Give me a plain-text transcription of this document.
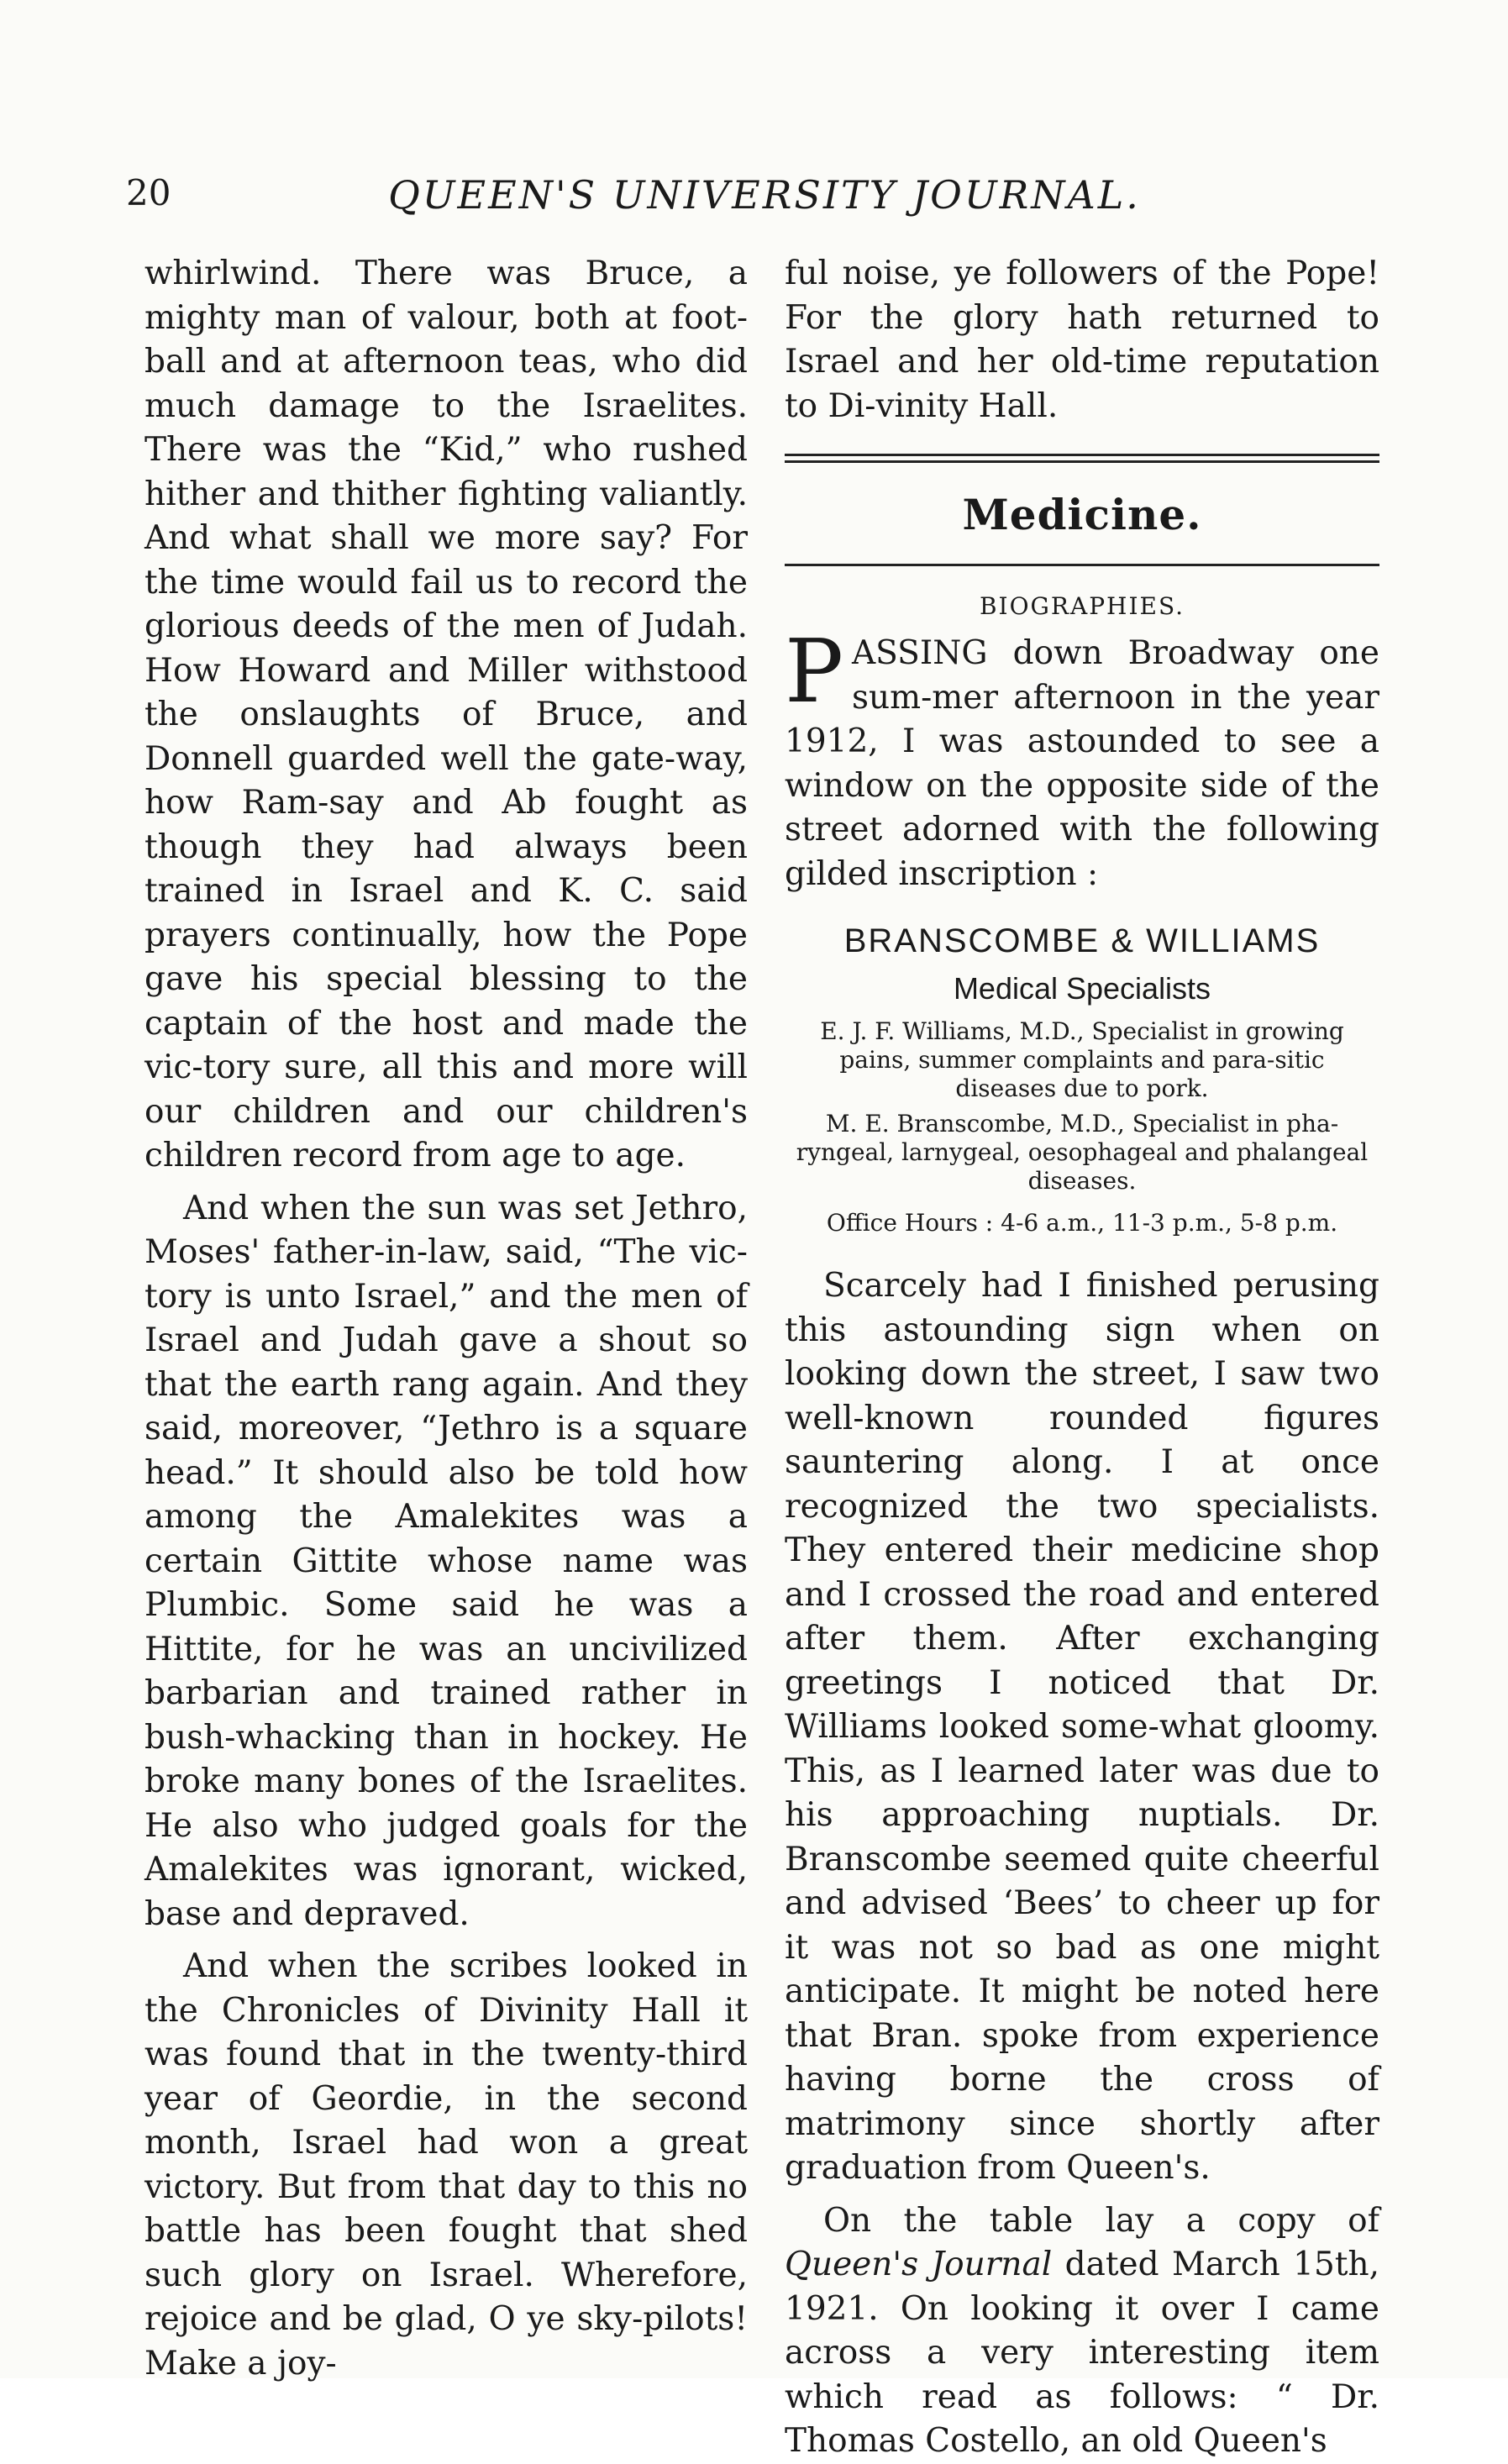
20	QUEEN'S UNIVERSITY JOURNAL.

whirlwind. There was Bruce, a mighty man of valour, both at foot-ball and at afternoon teas, who did much damage to the Israelites. There was the “Kid,” who rushed hither and thither fighting valiantly. And what shall we more say? For the time would fail us to record the glorious deeds of the men of Judah. How Howard and Miller withstood the onslaughts of Bruce, and Donnell guarded well the gate-way, how Ram-say and Ab fought as though they had always been trained in Israel and K. C. said prayers continually, how the Pope gave his special blessing to the captain of the host and made the vic-tory sure, all this and more will our children and our children's children record from age to age.

And when the sun was set Jethro, Moses' father-in-law, said, “The vic-tory is unto Israel,” and the men of Israel and Judah gave a shout so that the earth rang again. And they said, moreover, “Jethro is a square head.” It should also be told how among the Amalekites was a certain Gittite whose name was Plumbic. Some said he was a Hittite, for he was an uncivilized barbarian and trained rather in bush-whacking than in hockey. He broke many bones of the Israelites. He also who judged goals for the Amalekites was ignorant, wicked, base and depraved.

And when the scribes looked in the Chronicles of Divinity Hall it was found that in the twenty-third year of Geordie, in the second month, Israel had won a great victory. But from that day to this no battle has been fought that shed such glory on Israel. Wherefore, rejoice and be glad, O ye sky-pilots! Make a joy-

ful noise, ye followers of the Pope! For the glory hath returned to Israel and her old-time reputation to Di-vinity Hall.

Medicine.
BIOGRAPHIES.

PASSING down Broadway one sum-mer afternoon in the year 1912, I was astounded to see a window on the opposite side of the street adorned with the following gilded inscription :

BRANSCOMBE & WILLIAMS
Medical Specialists
E. J. F. Williams, M.D., Specialist in growing pains, summer complaints and para-sitic diseases due to pork.
M. E. Branscombe, M.D., Specialist in pha-ryngeal, larnygeal, oesophageal and phalangeal diseases.
Office Hours : 4-6 a.m., 11-3 p.m., 5-8 p.m.

Scarcely had I finished perusing this astounding sign when on looking down the street, I saw two well-known rounded figures sauntering along. I at once recognized the two specialists. They entered their medicine shop and I crossed the road and entered after them. After exchanging greetings I noticed that Dr. Williams looked some-what gloomy. This, as I learned later was due to his approaching nuptials. Dr. Branscombe seemed quite cheerful and advised ‘Bees’ to cheer up for it was not so bad as one might anticipate. It might be noted here that Bran. spoke from experience having borne the cross of matrimony since shortly after graduation from Queen's.

On the table lay a copy of Queen's Journal dated March 15th, 1921. On looking it over I came across a very interesting item which read as follows: “ Dr. Thomas Costello, an old Queen's
